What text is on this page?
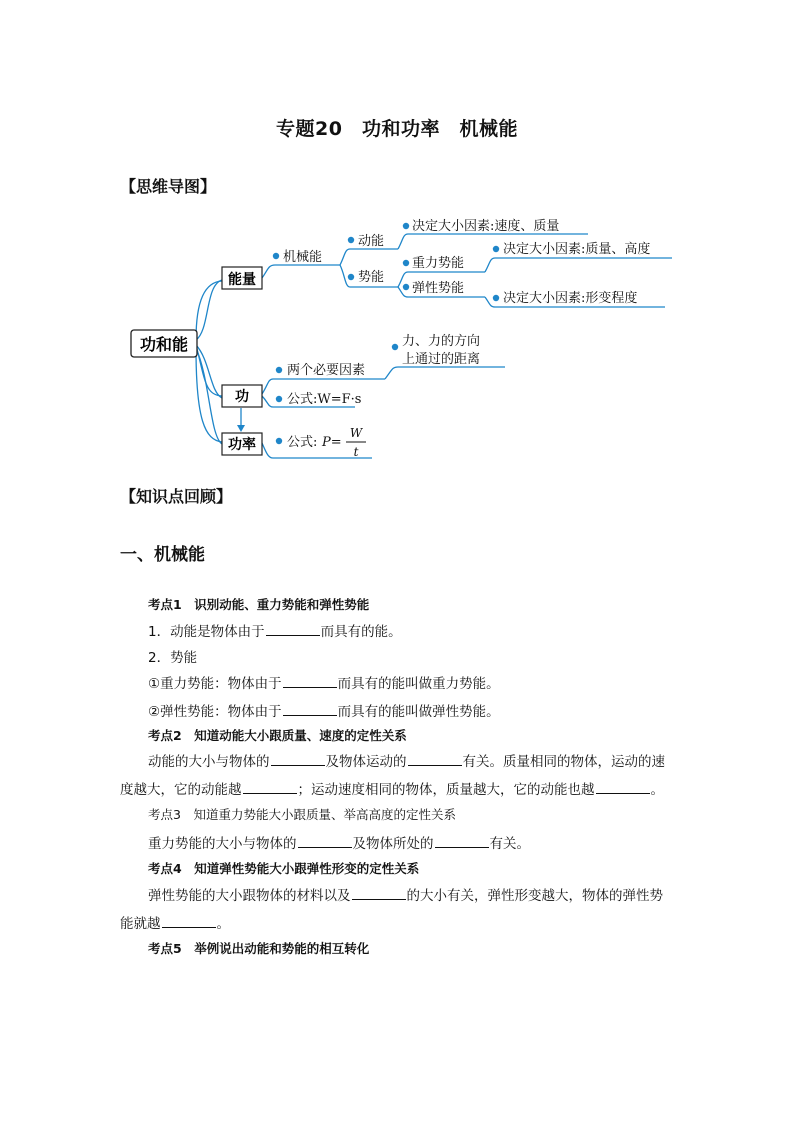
专题20　功和功率　机械能
【思维导图】
功和能
能量
功
功率
机械能
动能
势能
决定大小因素:速度、质量
重力势能
弹性势能
决定大小因素:质量、高度
决定大小因素:形变程度
两个必要因素
力、力的方向
上通过的距离
公式:W=F·s
公式: P=
W
t
【知识点回顾】
一、机械能
考点1　识别动能、重力势能和弹性势能
1．动能是物体由于	而具有的能。
2．势能
①重力势能：物体由于	而具有的能叫做重力势能。
②弹性势能：物体由于	而具有的能叫做弹性势能。
考点2　知道动能大小跟质量、速度的定性关系
动能的大小与物体的	及物体运动的	有关。质量相同的物体，运动的速
度越大，它的动能越	；运动速度相同的物体，质量越大，它的动能也越	。
考点3　知道重力势能大小跟质量、举高高度的定性关系
重力势能的大小与物体的	及物体所处的	有关。
考点4　知道弹性势能大小跟弹性形变的定性关系
弹性势能的大小跟物体的材料以及	的大小有关，弹性形变越大，物体的弹性势
能就越	。
考点5　举例说出动能和势能的相互转化
